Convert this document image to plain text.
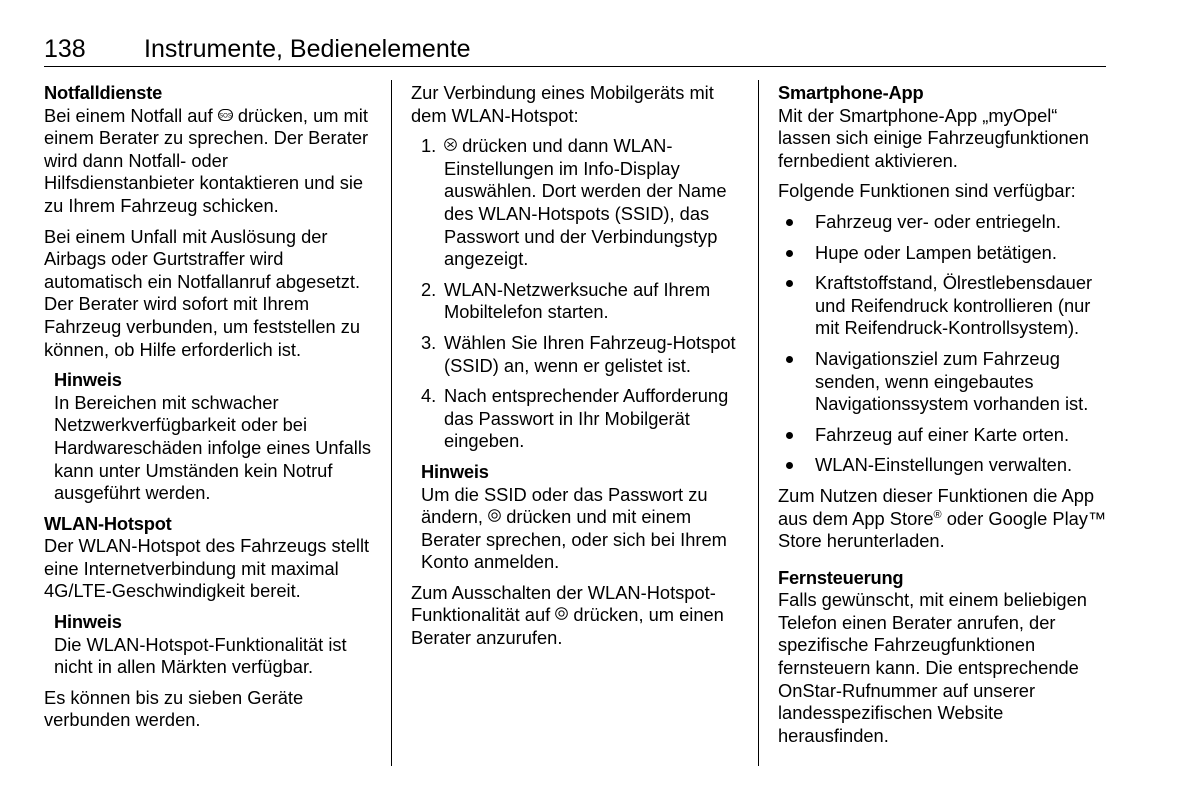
138 Instrumente, Bedienelemente

Notfalldienste

Bei einem Notfall auf SOS drücken, um mit einem Berater zu sprechen. Der Berater wird dann Notfall- oder Hilfsdienstanbieter kontaktieren und sie zu Ihrem Fahrzeug schicken.

Bei einem Unfall mit Auslösung der Airbags oder Gurtstraffer wird automatisch ein Notfallanruf abgesetzt. Der Berater wird sofort mit Ihrem Fahrzeug verbunden, um feststellen zu können, ob Hilfe erforderlich ist.

Hinweis

In Bereichen mit schwacher Netzwerkverfügbarkeit oder bei Hardwareschäden infolge eines Unfalls kann unter Umständen kein Notruf ausgeführt werden.

WLAN-Hotspot

Der WLAN-Hotspot des Fahrzeugs stellt eine Internetverbindung mit maximal 4G/LTE-Geschwindigkeit bereit.

Hinweis

Die WLAN-Hotspot-Funktionalität ist nicht in allen Märkten verfügbar.

Es können bis zu sieben Geräte verbunden werden.

Zur Verbindung eines Mobilgeräts mit dem WLAN-Hotspot:

1. drücken und dann WLAN-Einstellungen im Info-Display auswählen. Dort werden der Name des WLAN-Hotspots (SSID), das Passwort und der Verbindungstyp angezeigt.
2. WLAN-Netzwerksuche auf Ihrem Mobiltelefon starten.
3. Wählen Sie Ihren Fahrzeug-Hotspot (SSID) an, wenn er gelistet ist.
4. Nach entsprechender Aufforderung das Passwort in Ihr Mobilgerät eingeben.

Hinweis

Um die SSID oder das Passwort zu ändern, drücken und mit einem Berater sprechen, oder sich bei Ihrem Konto anmelden.

Zum Ausschalten der WLAN-Hotspot-Funktionalität auf drücken, um einen Berater anzurufen.

Smartphone-App

Mit der Smartphone-App „myOpel“ lassen sich einige Fahrzeugfunktionen fernbedient aktivieren.

Folgende Funktionen sind verfügbar:

Fahrzeug ver- oder entriegeln.
Hupe oder Lampen betätigen.
Kraftstoffstand, Ölrestlebensdauer und Reifendruck kontrollieren (nur mit Reifendruck-Kontrollsystem).
Navigationsziel zum Fahrzeug senden, wenn eingebautes Navigationssystem vorhanden ist.
Fahrzeug auf einer Karte orten.
WLAN-Einstellungen verwalten.

Zum Nutzen dieser Funktionen die App aus dem App Store® oder Google Play™ Store herunterladen.

Fernsteuerung

Falls gewünscht, mit einem beliebigen Telefon einen Berater anrufen, der spezifische Fahrzeugfunktionen fernsteuern kann. Die entsprechende OnStar-Rufnummer auf unserer landesspezifischen Website herausfinden.
